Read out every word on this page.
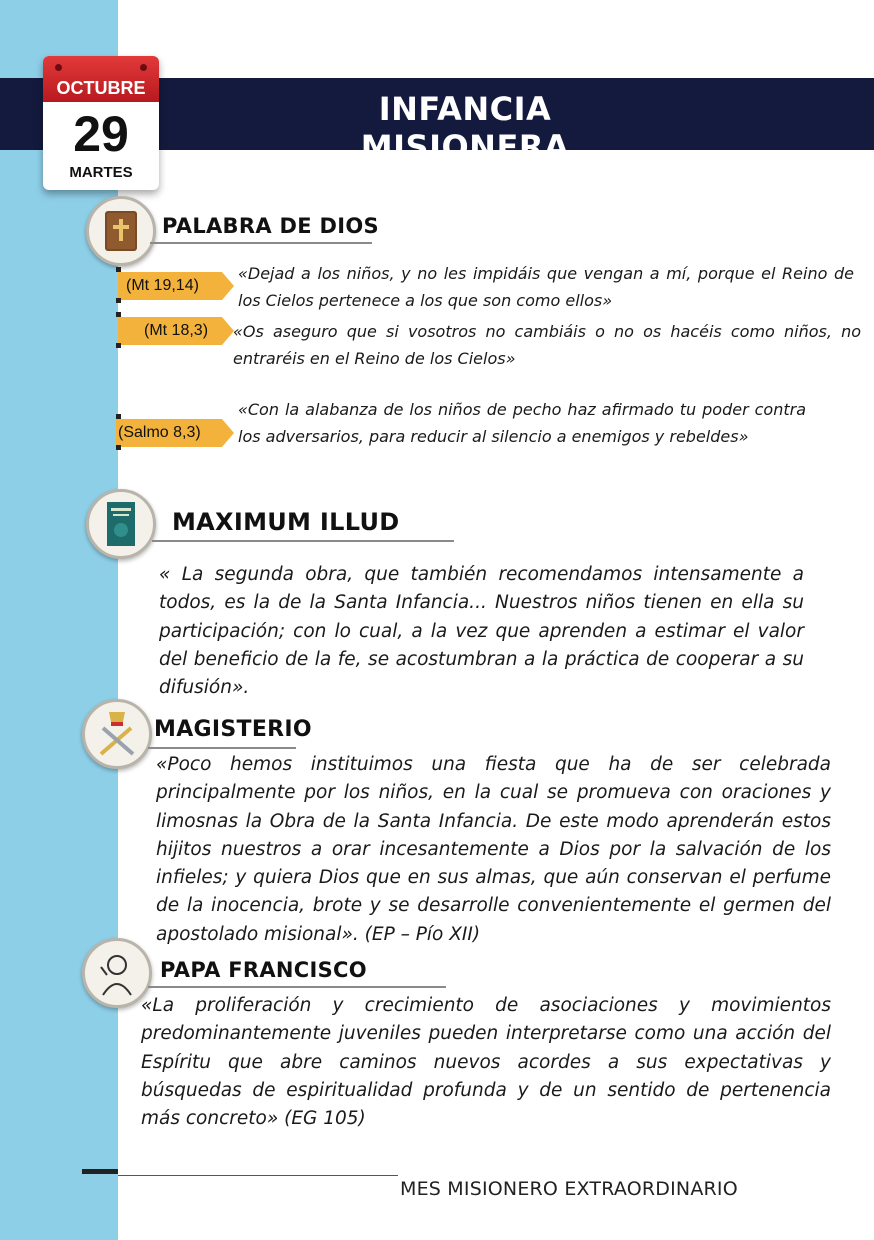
INFANCIA MISIONERA
OCTUBRE
29
MARTES
PALABRA DE DIOS
(Mt 19,14)

«Dejad a los niños, y no les impidáis que vengan a mí, porque el Reino de los Cielos pertenece a los que son como ellos»

(Mt 18,3)	«Os aseguro que si vosotros no cambiáis o no os hacéis como niños, no entraréis en el Reino de los Cielos»

(Salmo 8,3)

«Con la alabanza de los niños de pecho haz afirmado tu poder contra los adversarios, para reducir al silencio a enemigos y rebeldes»

MAXIMUM ILLUD

« La segunda obra, que también recomendamos intensamente a todos, es la de la Santa Infancia... Nuestros niños tienen en ella su participación; con lo cual, a la vez que aprenden a estimar el valor del beneficio de la fe, se acostumbran a la práctica de cooperar a su difusión».

MAGISTERIO

«Poco hemos instituimos una fiesta que ha de ser celebrada principalmente por los niños, en la cual se promueva con oraciones y limosnas la Obra de la Santa Infancia. De este modo aprenderán estos hijitos nuestros a orar incesantemente a Dios por la salvación de los infieles; y quiera Dios que en sus almas, que aún conservan el perfume de la inocencia, brote y se desarrolle convenientemente el germen del apostolado misional». (EP – Pío XII)

PAPA FRANCISCO

«La proliferación y crecimiento de asociaciones y movimientos predominantemente juveniles pueden interpretarse como una acción del Espíritu que abre caminos nuevos acordes a sus expectativas y búsquedas de espiritualidad profunda y de un sentido de pertenencia más concreto» (EG 105)

MES MISIONERO EXTRAORDINARIO
